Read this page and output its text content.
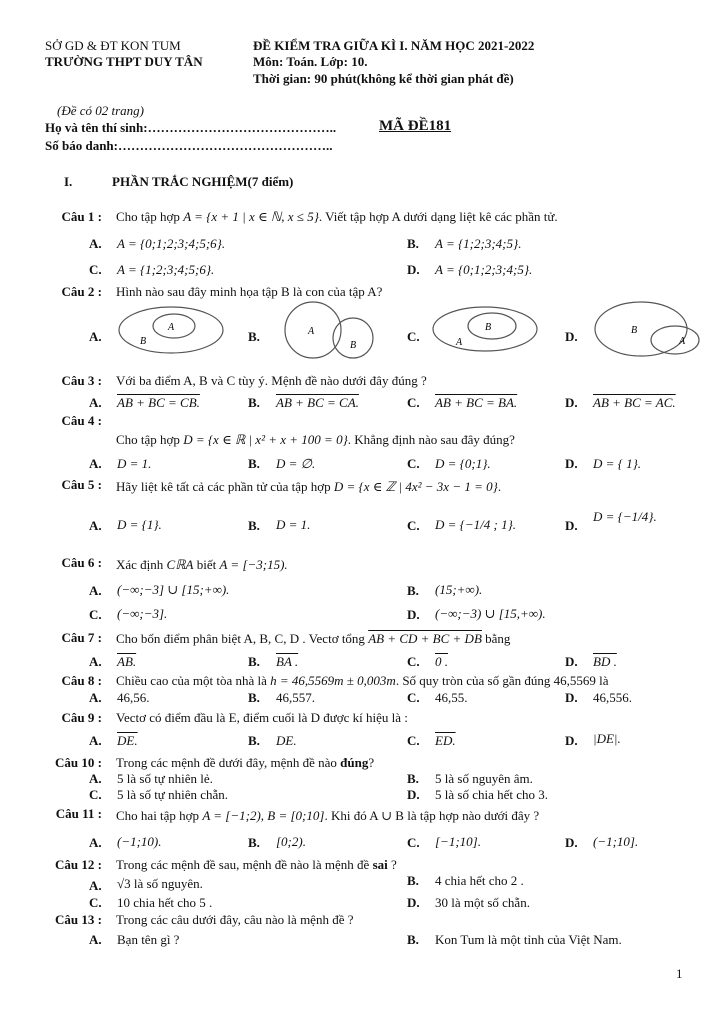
SỞ GD & ĐT KON TUM
TRƯỜNG THPT DUY TÂN
ĐỀ KIỂM TRA GIỮA KÌ I. NĂM HỌC 2021-2022
Môn: Toán. Lớp: 10.
Thời gian: 90 phút(không kể thời gian phát đề)
(Đề có 02 trang)
Họ và tên thí sinh:……………………………………..	MÃ ĐỀ181
Số báo danh:…………………………………………..
I.	PHẦN TRẮC NGHIỆM(7 điểm)
Câu 1 : Cho tập hợp A = {x + 1 | x ∈ ℕ, x ≤ 5}. Viết tập hợp A dưới dạng liệt kê các phần tử.
A. A = {0;1;2;3;4;5;6}.	B. A = {1;2;3;4;5}.
C. A = {1;2;3;4;5;6}.	D. A = {0;1;2;3;4;5}.
Câu 2 : Hình nào sau đây minh họa tập B là con của tập A?
A.
A
B	B.	A
B
C.
B
A	D.	B
A
Câu 3 : Với ba điểm A, B và C tùy ý. Mệnh đề nào dưới đây đúng ?
A. AB + BC = CB.	B. AB + BC = CA.	C. AB + BC = BA.	D. AB + BC = AC.
Câu 4 :
Cho tập hợp D = {x ∈ ℝ | x² + x + 100 = 0}. Khẳng định nào sau đây đúng?
A. D = 1.	B. D = ∅.	C. D = {0;1}.	D. D = { 1}.
Câu 5 : Hãy liệt kê tất cả các phần tử của tập hợp D = {x ∈ ℤ | 4x² − 3x − 1 = 0}.
A. D = {1}.	B. D = 1.	C. D = {−1/4 ; 1}.	D.
D = {−1/4}.
Câu 6 : Xác định CℝA biết A = [−3;15).
A. (−∞;−3] ∪ [15;+∞).	B. (15;+∞).
C. (−∞;−3].	D. (−∞;−3) ∪ [15,+∞).
Câu 7 : Cho bốn điểm phân biệt A, B, C, D . Vectơ tổng AB + CD + BC + DB bằng
A. AB.	B. BA .	C. 0 .	D. BD .
Câu 8 : Chiều cao của một tòa nhà là h = 46,5569m ± 0,003m. Số quy tròn của số gần đúng 46,5569 là
A. 46,56.	B. 46,557.	C. 46,55.	D. 46,556.
Câu 9 : Vectơ có điểm đầu là E, điểm cuối là D được kí hiệu là :
A. DE.	B. DE.	C. ED.	D. |DE|.
Câu 10 : Trong các mệnh đề dưới đây, mệnh đề nào đúng?
A. 5 là số tự nhiên lẻ.	B. 5 là số nguyên âm.
C. 5 là số tự nhiên chẵn.	D. 5 là số chia hết cho 3.
Câu 11 : Cho hai tập hợp A = [−1;2), B = [0;10]. Khi đó A ∪ B là tập hợp nào dưới đây ?
A. (−1;10).	B. [0;2).	C. [−1;10].	D. (−1;10].
Câu 12 : Trong các mệnh đề sau, mệnh đề nào là mệnh đề sai ?
A. √3 là số nguyên.	B. 4 chia hết cho 2 .
C. 10 chia hết cho 5 .	D. 30 là một số chẵn.
Câu 13 : Trong các câu dưới đây, câu nào là mệnh đề ?
A. Bạn tên gì ?	B. Kon Tum là một tỉnh của Việt Nam.
1
